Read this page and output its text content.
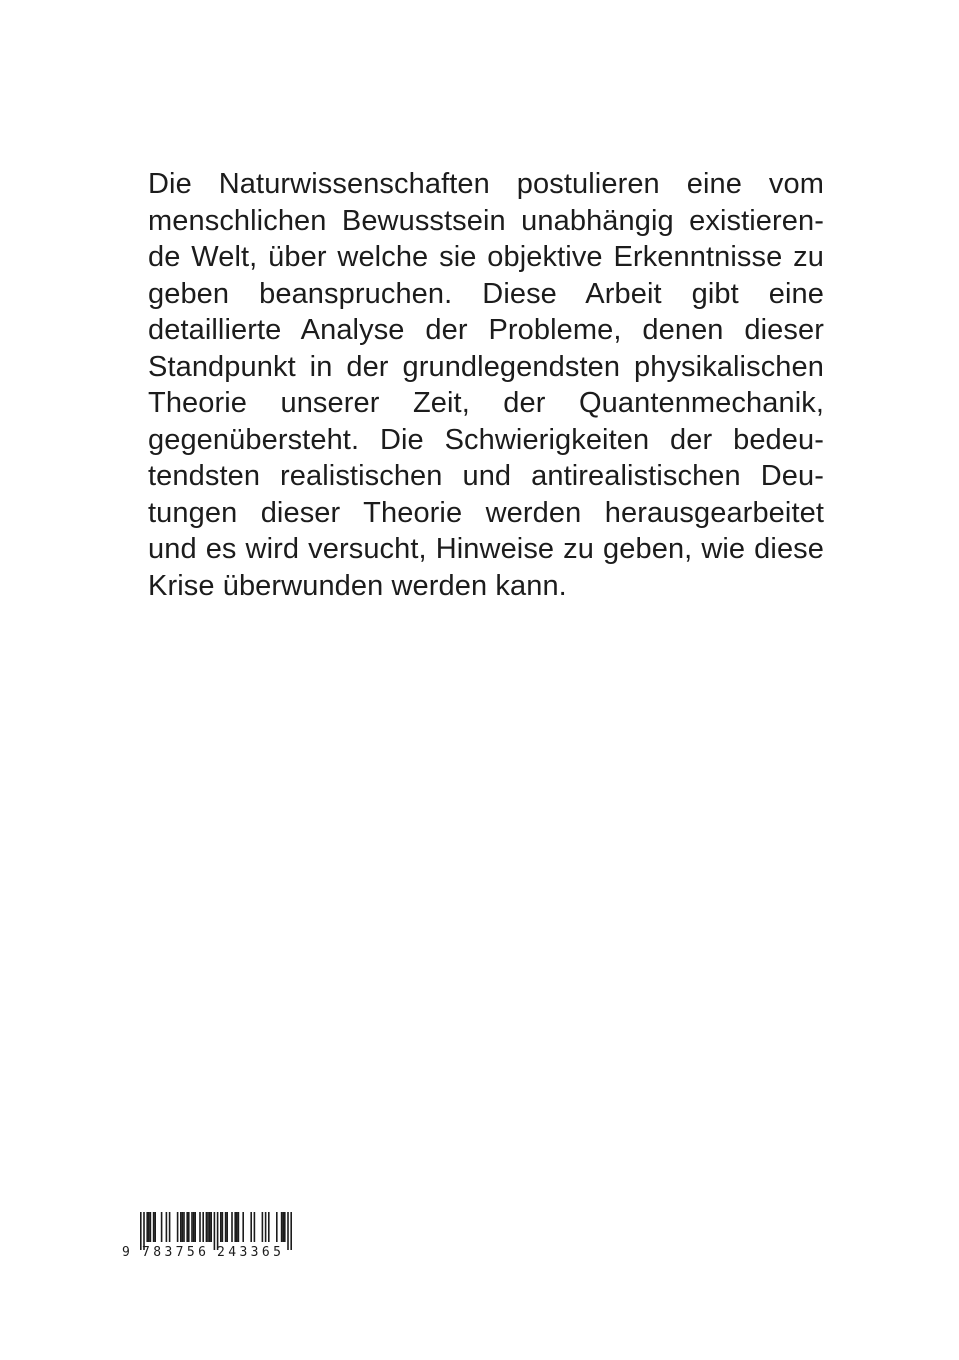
Die Naturwissenschaften postulieren eine vom
menschlichen Bewusstsein unabhängig existieren-
de Welt, über welche sie objektive Erkenntnisse zu
geben beanspruchen. Diese Arbeit gibt eine
detaillierte Analyse der Probleme, denen dieser
Standpunkt in der grundlegendsten physikalischen
Theorie unserer Zeit, der Quantenmechanik,
gegenübersteht. Die Schwierigkeiten der bedeu-
tendsten realistischen und antirealistischen Deu-
tungen dieser Theorie werden herausgearbeitet
und es wird versucht, Hinweise zu geben, wie diese
Krise überwunden werden kann.

9

783756

243365
